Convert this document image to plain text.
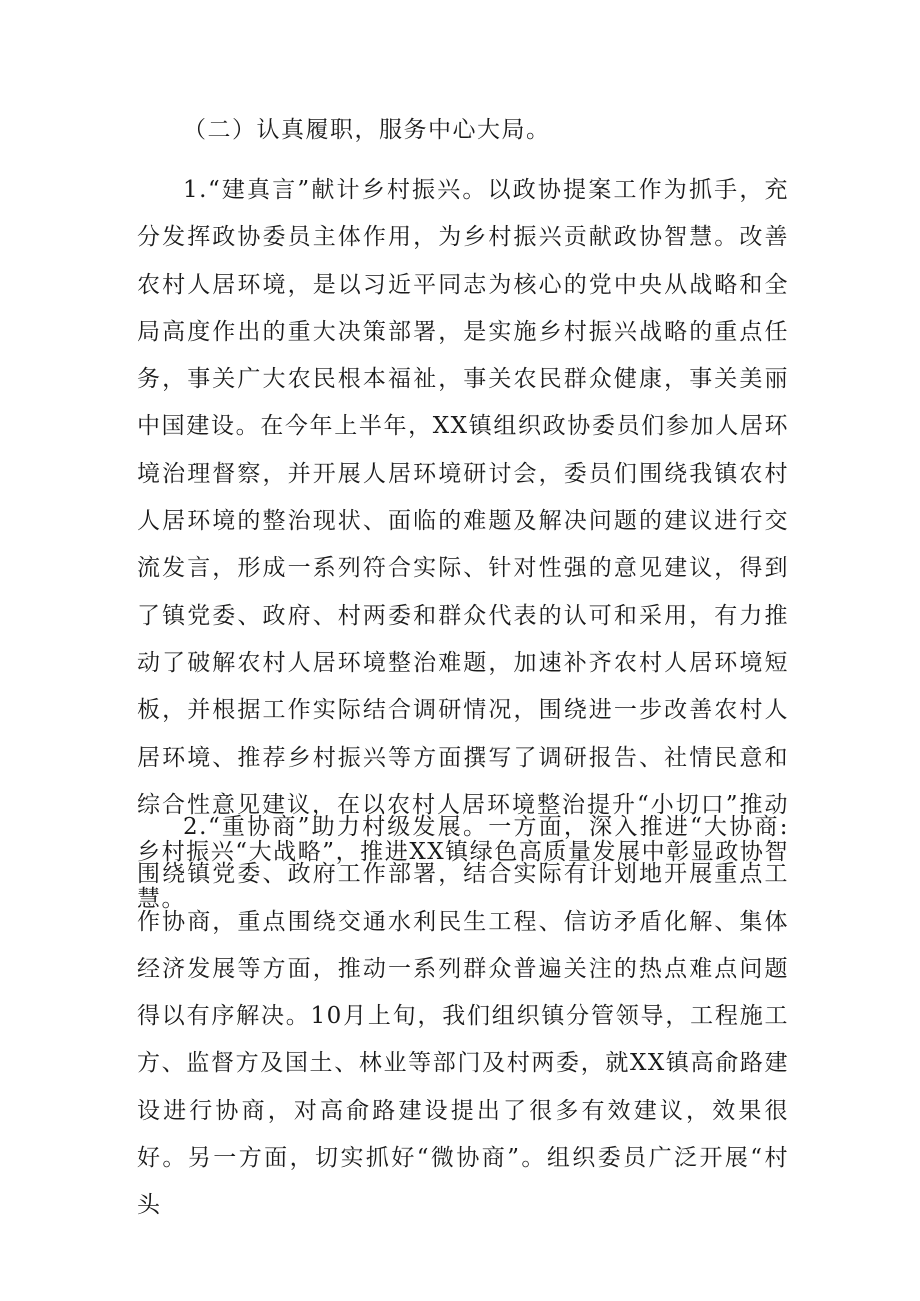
（二）认真履职，服务中心大局。

1.“建真言”献计乡村振兴。以政协提案工作为抓手，充分发挥政协委员主体作用，为乡村振兴贡献政协智慧。改善农村人居环境，是以习近平同志为核心的党中央从战略和全局高度作出的重大决策部署，是实施乡村振兴战略的重点任务，事关广大农民根本福祉，事关农民群众健康，事关美丽中国建设。在今年上半年，XX镇组织政协委员们参加人居环境治理督察，并开展人居环境研讨会，委员们围绕我镇农村人居环境的整治现状、面临的难题及解决问题的建议进行交流发言，形成一系列符合实际、针对性强的意见建议，得到了镇党委、政府、村两委和群众代表的认可和采用，有力推动了破解农村人居环境整治难题，加速补齐农村人居环境短板，并根据工作实际结合调研情况，围绕进一步改善农村人居环境、推荐乡村振兴等方面撰写了调研报告、社情民意和综合性意见建议，在以农村人居环境整治提升“小切口”推动乡村振兴“大战略”，推进XX镇绿色高质量发展中彰显政协智慧。

2.“重协商”助力村级发展。一方面，深入推进“大协商:围绕镇党委、政府工作部署，结合实际有计划地开展重点工作协商，重点围绕交通水利民生工程、信访矛盾化解、集体经济发展等方面，推动一系列群众普遍关注的热点难点问题得以有序解决。10月上旬，我们组织镇分管领导，工程施工方、监督方及国土、林业等部门及村两委，就XX镇高俞路建设进行协商，对高俞路建设提出了很多有效建议，效果很好。另一方面，切实抓好“微协商”。组织委员广泛开展“村头
